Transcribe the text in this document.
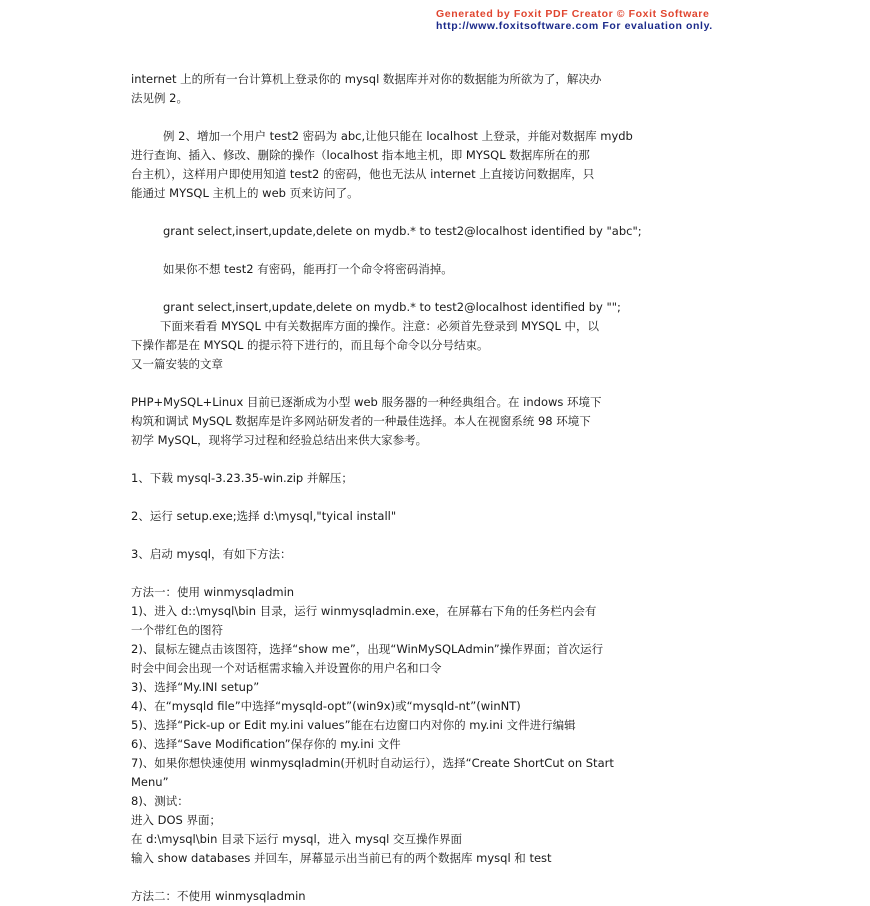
Generated by Foxit PDF Creator © Foxit Software
http://www.foxitsoftware.com For evaluation only.
internet 上的所有一台计算机上登录你的 mysql 数据库并对你的数据能为所欲为了，解决办
法见例 2。
例 2、增加一个用户 test2 密码为 abc,让他只能在 localhost 上登录，并能对数据库 mydb
进行查询、插入、修改、删除的操作（localhost 指本地主机，即 MYSQL 数据库所在的那
台主机），这样用户即使用知道 test2 的密码，他也无法从 internet 上直接访问数据库，只
能通过 MYSQL 主机上的 web 页来访问了。
grant select,insert,update,delete on mydb.* to test2@localhost identified by "abc";
如果你不想 test2 有密码，能再打一个命令将密码消掉。
grant select,insert,update,delete on mydb.* to test2@localhost identified by "";
下面来看看 MYSQL 中有关数据库方面的操作。注意：必须首先登录到 MYSQL 中，以
下操作都是在 MYSQL 的提示符下进行的，而且每个命令以分号结束。
又一篇安装的文章
PHP+MySQL+Linux 目前已逐渐成为小型 web 服务器的一种经典组合。在 indows 环境下
构筑和调试 MySQL 数据库是许多网站研发者的一种最佳选择。本人在视窗系统 98 环境下
初学 MySQL，现将学习过程和经验总结出来供大家参考。
1、下载 mysql-3.23.35-win.zip 并解压；
2、运行 setup.exe;选择 d:\mysql,"tyical install"
3、启动 mysql，有如下方法：
方法一：使用 winmysqladmin
1)、进入 d::\mysql\bin 目录，运行 winmysqladmin.exe，在屏幕右下角的任务栏内会有
一个带红色的图符
2)、鼠标左键点击该图符，选择“show me”，出现“WinMySQLAdmin”操作界面；首次运行
时会中间会出现一个对话框需求输入并设置你的用户名和口令
3)、选择“My.INI setup”
4)、在“mysqld file”中选择“mysqld-opt”(win9x)或“mysqld-nt”(winNT)
5)、选择“Pick-up or Edit my.ini values”能在右边窗口内对你的 my.ini 文件进行编辑
6)、选择“Save Modification”保存你的 my.ini 文件
7)、如果你想快速使用 winmysqladmin(开机时自动运行），选择“Create ShortCut on Start
Menu”
8)、测试：
进入 DOS 界面；
在 d:\mysql\bin 目录下运行 mysql，进入 mysql 交互操作界面
输入 show databases 并回车，屏幕显示出当前已有的两个数据库 mysql 和 test
方法二：不使用 winmysqladmin
